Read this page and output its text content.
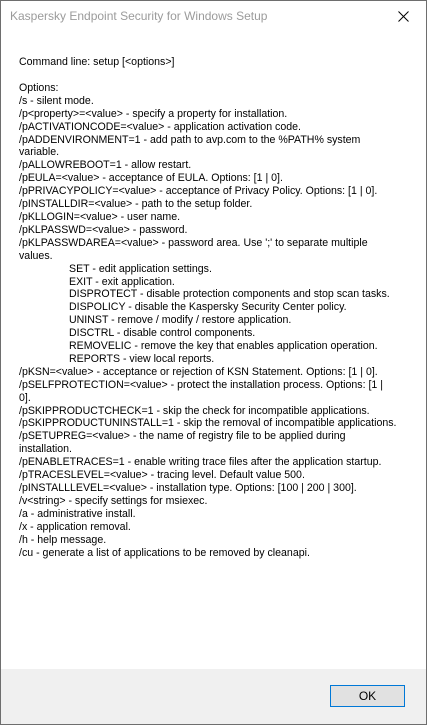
Kaspersky Endpoint Security for Windows Setup

Command line: setup [<options>]

Options:

/s - silent mode.

/p<property>=<value> - specify a property for installation.

/pACTIVATIONCODE=<value> - application activation code.

/pADDENVIRONMENT=1 - add path to avp.com to the %PATH% system variable.

/pALLOWREBOOT=1 - allow restart.

/pEULA=<value> - acceptance of EULA. Options: [1 | 0].

/pPRIVACYPOLICY=<value> - acceptance of Privacy Policy. Options: [1 | 0].

/pINSTALLDIR=<value> - path to the setup folder.

/pKLLOGIN=<value> - user name.

/pKLPASSWD=<value> - password.

/pKLPASSWDAREA=<value> - password area. Use ';' to separate multiple values.

SET - edit application settings.

EXIT - exit application.

DISPROTECT - disable protection components and stop scan tasks.

DISPOLICY - disable the Kaspersky Security Center policy.

UNINST - remove / modify / restore application.

DISCTRL - disable control components.

REMOVELIC - remove the key that enables application operation.

REPORTS - view local reports.

/pKSN=<value> - acceptance or rejection of KSN Statement. Options: [1 | 0].

/pSELFPROTECTION=<value> - protect the installation process. Options: [1 | 0].

/pSKIPPRODUCTCHECK=1 - skip the check for incompatible applications.

/pSKIPPRODUCTUNINSTALL=1 - skip the removal of incompatible applications.

/pSETUPREG=<value> - the name of registry file to be applied during installation.

/pENABLETRACES=1 - enable writing trace files after the application startup.

/pTRACESLEVEL=<value> - tracing level. Default value 500.

/pINSTALLLEVEL=<value> - installation type. Options: [100 | 200 | 300].

/v<string> - specify settings for msiexec.

/a - administrative install.

/x - application removal.

/h - help message.

/cu - generate a list of applications to be removed by cleanapi.

OK
